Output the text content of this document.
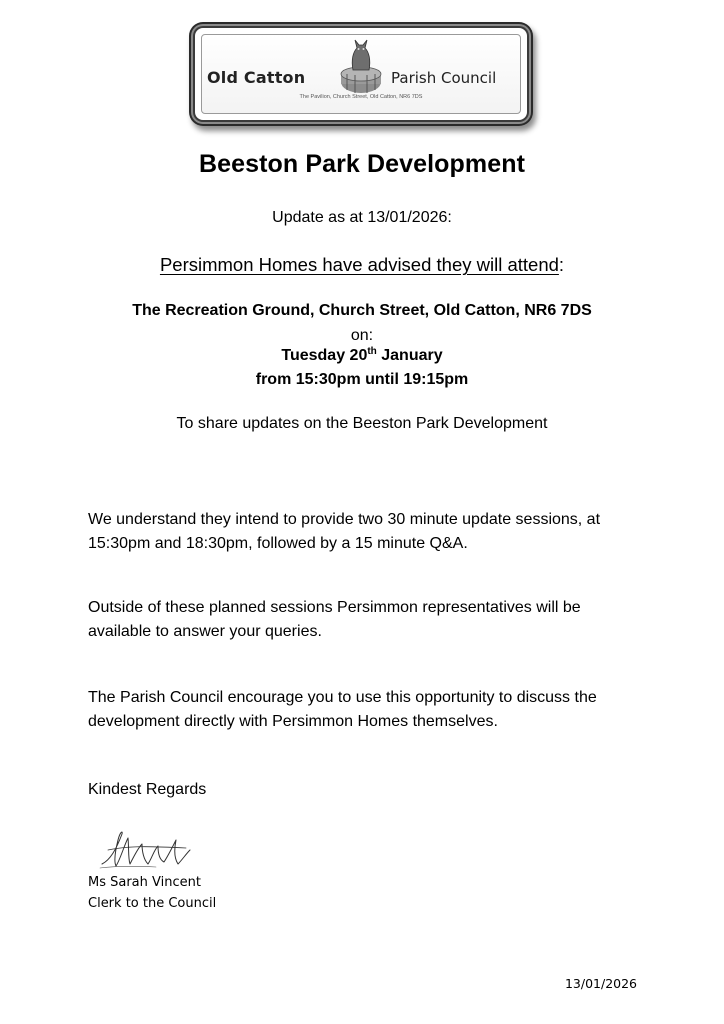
Old Catton	Parish Council
The Pavilion, Church Street, Old Catton, NR6 7DS
Beeston Park Development
Update as at 13/01/2026:
Persimmon Homes have advised they will attend:
The Recreation Ground, Church Street, Old Catton, NR6 7DS
on:
Tuesday 20th January
from 15:30pm until 19:15pm
To share updates on the Beeston Park Development
We understand they intend to provide two 30 minute update sessions, at 15:30pm and 18:30pm, followed by a 15 minute Q&A.
Outside of these planned sessions Persimmon representatives will be available to answer your queries.
The Parish Council encourage you to use this opportunity to discuss the development directly with Persimmon Homes themselves.
Kindest Regards
Ms Sarah Vincent
Clerk to the Council
13/01/2026
